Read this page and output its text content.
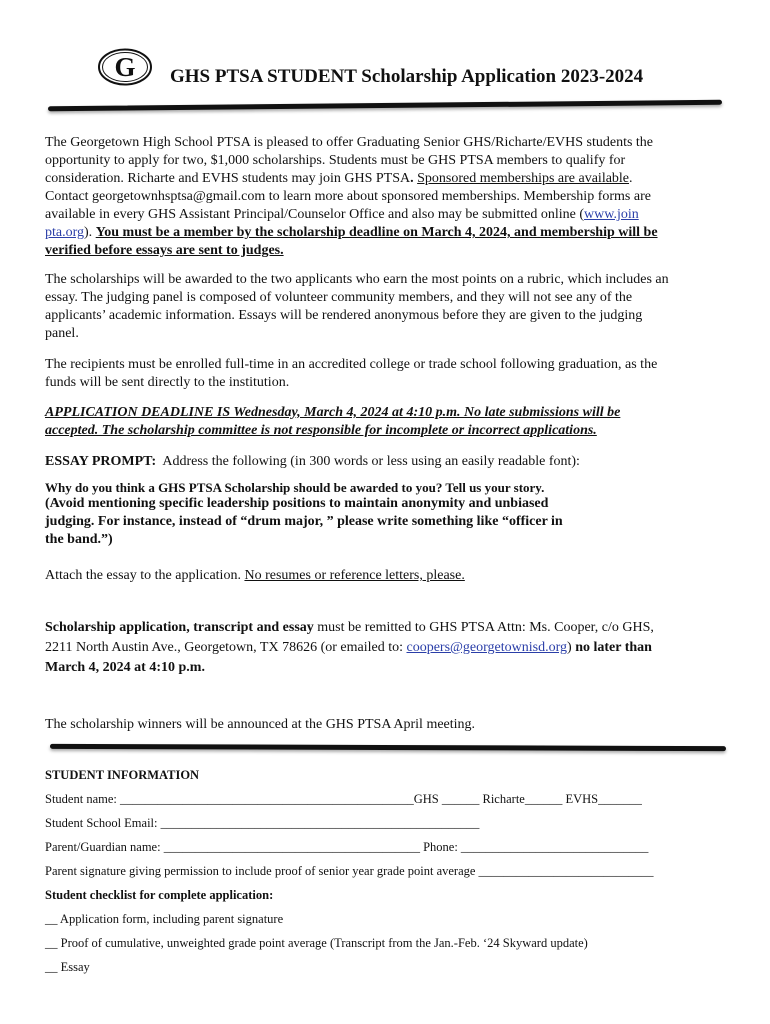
G GHS PTSA STUDENT Scholarship Application 2023-2024
The Georgetown High School PTSA is pleased to offer Graduating Senior GHS/Richarte/EVHS students the
opportunity to apply for two, $1,000 scholarships. Students must be GHS PTSA members to qualify for
consideration. Richarte and EVHS students may join GHS PTSA. Sponsored memberships are available.
Contact georgetownhsptsa@gmail.com to learn more about sponsored memberships. Membership forms are
available in every GHS Assistant Principal/Counselor Office and also may be submitted online (www.join
pta.org). You must be a member by the scholarship deadline on March 4, 2024, and membership will be
verified before essays are sent to judges.
The scholarships will be awarded to the two applicants who earn the most points on a rubric, which includes an
essay. The judging panel is composed of volunteer community members, and they will not see any of the
applicants’ academic information. Essays will be rendered anonymous before they are given to the judging
panel.
The recipients must be enrolled full-time in an accredited college or trade school following graduation, as the
funds will be sent directly to the institution.
APPLICATION DEADLINE IS Wednesday, March 4, 2024 at 4:10 p.m. No late submissions will be
accepted. The scholarship committee is not responsible for incomplete or incorrect applications.
ESSAY PROMPT: Address the following (in 300 words or less using an easily readable font):
Why do you think a GHS PTSA Scholarship should be awarded to you? Tell us your story.
(Avoid mentioning specific leadership positions to maintain anonymity and unbiased
judging. For instance, instead of “drum major, ” please write something like “officer in
the band.”)
Attach the essay to the application. No resumes or reference letters, please.
Scholarship application, transcript and essay must be remitted to GHS PTSA Attn: Ms. Cooper, c/o GHS,
2211 North Austin Ave., Georgetown, TX 78626 (or emailed to: coopers@georgetownisd.org) no later than
March 4, 2024 at 4:10 p.m.
The scholarship winners will be announced at the GHS PTSA April meeting.
STUDENT INFORMATION
Student name: _______________________________________________GHS ______ Richarte______ EVHS_______
Student School Email: ___________________________________________________
Parent/Guardian name: _________________________________________ Phone: ______________________________
Parent signature giving permission to include proof of senior year grade point average ____________________________
Student checklist for complete application:
__ Application form, including parent signature
__ Proof of cumulative, unweighted grade point average (Transcript from the Jan.-Feb. ‘24 Skyward update)
__ Essay
